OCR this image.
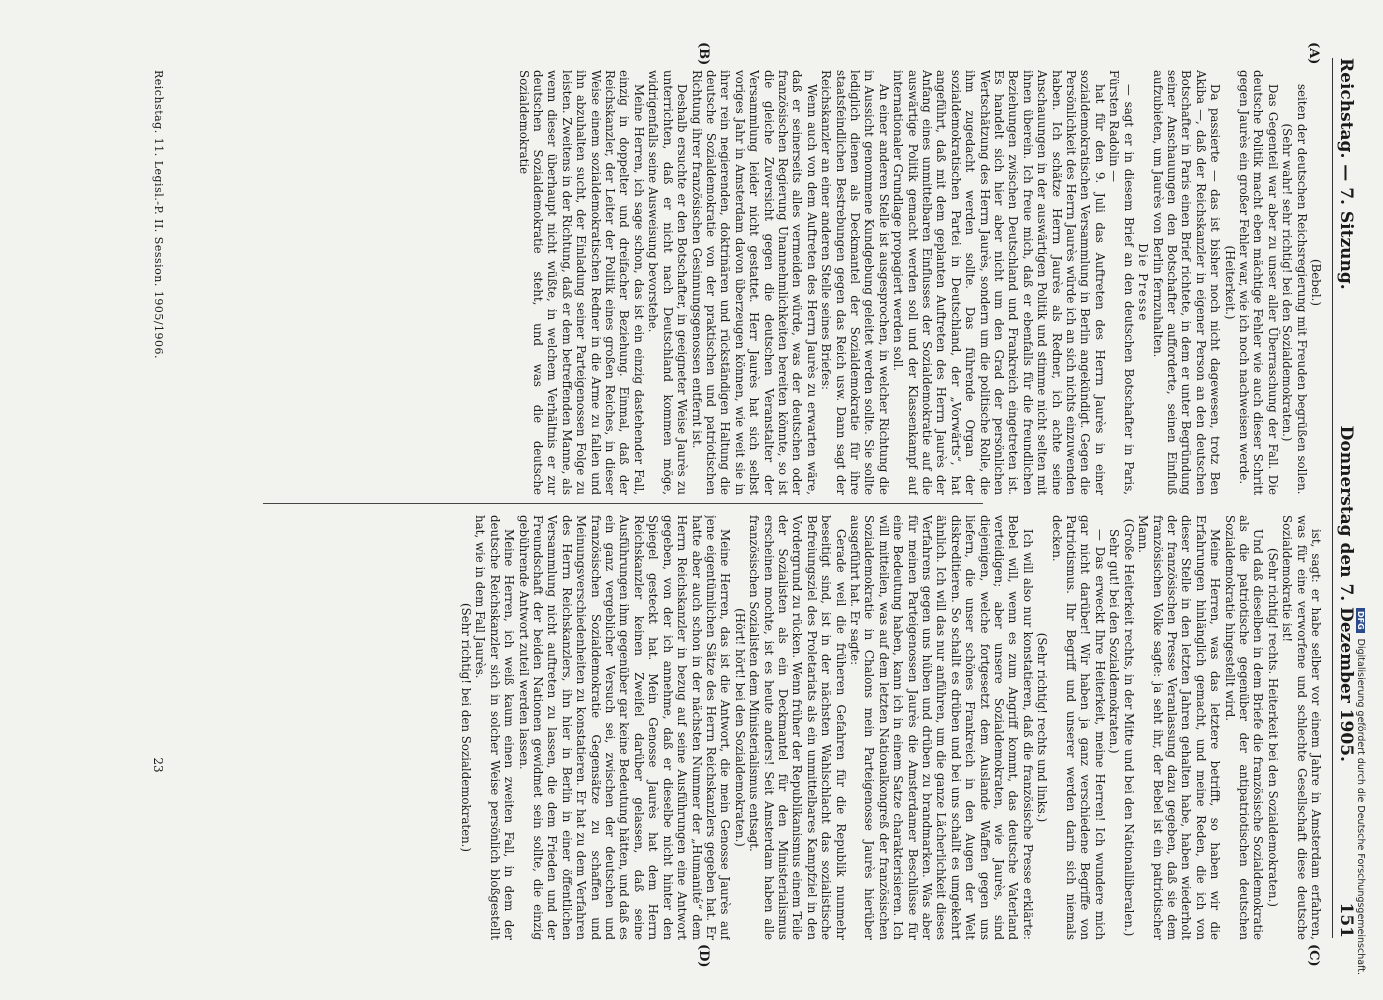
Reichstag. — 7. Sitzung.
Donnerstag den 7. Dezember 1905.
151
(A)
(B)
(C)
(D)

(Bebel.)

seiten der deutschen Reichsregierung mit Freuden begrüßen sollen.

(Sehr wahr! sehr richtig! bei den Sozialdemokraten.)

Das Gegenteil war aber zu unser aller Überraschung der Fall. Die deutsche Politik macht eben mächtige Fehler wie auch dieser Schritt gegen Jaurès ein großer Fehler war, wie ich noch nachweisen werde.

(Heiterkeit.)

Da passierte — das ist bisher noch nicht dagewesen, trotz Ben Akiba —, daß der Reichskanzler in eigener Person an den deutschen Botschafter in Paris einen Brief richtete, in dem er unter Begründung seiner Anschauungen den Botschafter aufforderte, seinen Einfluß aufzubieten, um Jaurès von Berlin fernzuhalten.

Die Presse

— sagt er in diesem Brief an den deutschen Botschafter in Paris, Fürsten Radolin —

hat für den 9. Juli das Auftreten des Herrn Jaurès in einer sozialdemokratischen Versammlung in Berlin angekündigt. Gegen die Persönlichkeit des Herrn Jaurès würde ich an sich nichts einzuwenden haben. Ich schätze Herrn Jaurès als Redner, ich achte seine Anschauungen in der auswärtigen Politik und stimme nicht selten mit ihnen überein. Ich freue mich, daß er ebenfalls für die freundlichen Beziehungen zwischen Deutschland und Frankreich eingetreten ist. Es handelt sich hier aber nicht um den Grad der persönlichen Wertschätzung des Herrn Jaurès, sondern um die politische Rolle, die ihm zugedacht werden sollte. Das führende Organ der sozialdemokratischen Partei in Deutschland, der „Vorwärts“, hat angeführt, daß mit dem geplanten Auftreten des Herrn Jaurès der Anfang eines unmittelbaren Einflusses der Sozialdemokratie auf die auswärtige Politik gemacht werden soll und der Klassenkampf auf internationaler Grundlage propagiert werden soll.

An einer anderen Stelle ist ausgesprochen, in welcher Richtung die in Aussicht genommene Kundgebung geleitet werden sollte. Sie sollte lediglich dienen als Deckmantel der Sozialdemokratie für ihre staatsfeindlichen Bestrebungen gegen das Reich usw. Dann sagt der Reichskanzler an einer anderen Stelle seines Briefes:

Wenn auch von dem Auftreten des Herrn Jaurès zu erwarten wäre, daß er seinerseits alles vermeiden würde, was der deutschen oder französischen Regierung Unannehmlichkeiten bereiten könnte, so ist die gleiche Zuversicht gegen die deutschen Veranstalter der Versammlung leider nicht gestattet. Herr Jaurès hat sich selbst voriges Jahr in Amsterdam davon überzeugen können, wie weit sie in ihrer rein negierenden, doktrinären und rückständigen Haltung die deutsche Sozialdemokratie von der praktischen und patriotischen Richtung ihrer französischen Gesinnungsgenossen entfernt ist.

Deshalb ersuchte er den Botschafter, in geeigneter Weise Jaurès zu unterrichten, daß er nicht nach Deutschland kommen möge, widrigenfalls seine Ausweisung bevorstehe.

Meine Herren, ich sage schon, das ist ein einzig dastehender Fall, einzig in doppelter und dreifacher Beziehung. Einmal, daß der Reichskanzler, der Leiter der Politik eines großen Reiches, in dieser Weise einem sozialdemokratischen Redner in die Arme zu fallen und ihn abzuhalten sucht, der Einladung seiner Parteigenossen Folge zu leisten. Zweitens in der Richtung, daß er dem betreffenden Manne, als wenn dieser überhaupt nicht wüßte, in welchem Verhältnis er zur deutschen Sozialdemokratie steht, und was die deutsche Sozialdemokratie

ist, sagt: er habe selber vor einem Jahre in Amsterdam erfahren, was für eine verworfene und schlechte Gesellschaft diese deutsche Sozialdemokratie ist!

(Sehr richtig! rechts. Heiterkeit bei den Sozialdemokraten.)

Und daß dieselben in dem Briefe die französische Sozialdemokratie als die patriotische gegenüber der antipatriotischen deutschen Sozialdemokratie hingestellt wird.

Meine Herren, was das letztere betrifft, so haben wir die Erfahrungen hinlänglich gemacht, und meine Reden, die ich von dieser Stelle in den letzten Jahren gehalten habe, haben wiederholt der französischen Presse Veranlassung dazu gegeben, daß sie dem französischen Volke sagte: ja seht ihr, der Bebel ist ein patriotischer Mann.

(Große Heiterkeit rechts, in der Mitte und bei den Nationalliberalen.)

Sehr gut! bei den Sozialdemokraten.)

— Das erweckt Ihre Heiterkeit, meine Herren! Ich wundere mich gar nicht darüber! Wir haben ja ganz verschiedene Begriffe von Patriotismus. Ihr Begriff und unserer werden darin sich niemals decken.

(Sehr richtig! rechts und links.)

Ich will also nur konstatieren, daß die französische Presse erklärte: Bebel will, wenn es zum Angriff kommt, das deutsche Vaterland verteidigen; aber unsere Sozialdemokraten, wie Jaurès, sind diejenigen, welche fortgesetzt dem Auslande Waffen gegen uns liefern, die unser schönes Frankreich in den Augen der Welt diskreditieren. So schallt es drüben und bei uns schallt es umgekehrt ähnlich. Ich will das nur anführen, um die ganze Lächerlichkeit dieses Verfahrens gegen uns hüben und drüben zu brandmarken. Was aber für meinen Parteigenossen Jaurès die Amsterdamer Beschlüsse für eine Bedeutung haben, kann ich in einem Satze charakterisieren. Ich will mitteilen, was auf dem letzten Nationalkongreß der französischen Sozialdemokratie in Chalons mein Parteigenosse Jaurès hierüber ausgeführt hat. Er sagte:

Gerade weil die früheren Gefahren für die Republik nunmehr beseitigt sind, ist in der nächsten Wahlschlacht das sozialistische Befreiungsziel des Proletariats als ein unmittelbares Kampfziel in den Vordergrund zu rücken. Wenn früher der Republikanismus einem Teile der Sozialisten als ein Deckmantel für den Ministerialismus erscheinen mochte, ist es heute anders! Seit Amsterdam haben alle französischen Sozialisten dem Ministerialismus entsagt.

(Hört! hört! bei den Sozialdemokraten.)

Meine Herren, das ist die Antwort, die mein Genosse Jaurès auf jene eigentümlichen Sätze des Herrn Reichskanzlers gegeben hat. Er hatte aber auch schon in der nächsten Nummer der „Humanité“ dem Herrn Reichskanzler in bezug auf seine Ausführungen eine Antwort gegeben, von der ich annehme, daß er dieselbe nicht hinter den Spiegel gesteckt hat. Mein Genosse Jaurès hat dem Herrn Reichskanzler keinen Zweifel darüber gelassen, daß seine Ausführungen ihm gegenüber gar keine Bedeutung hätten, und daß es ein ganz vergeblicher Versuch sei, zwischen der deutschen und französischen Sozialdemokratie Gegensätze zu schaffen und Meinungsverschiedenheiten zu konstatieren. Er hat zu dem Verfahren des Herrn Reichskanzlers, ihn hier in Berlin in einer öffentlichen Versammlung nicht auftreten zu lassen, die dem Frieden und der Freundschaft der beiden Nationen gewidmet sein sollte, die einzig gebührende Antwort zuteil werden lassen.

Meine Herren, ich weiß kaum einen zweiten Fall, in dem der deutsche Reichskanzler sich in solcher Weise persönlich bloßgestellt hat, wie in dem Fall Jaurès.

(Sehr richtig! bei den Sozialdemokraten.)

Reichstag. 11. Legisl.-P. II. Session. 1905/1906.
23
DFG
Digitalisierung gefördert durch die Deutsche Forschungsgemeinschaft.
